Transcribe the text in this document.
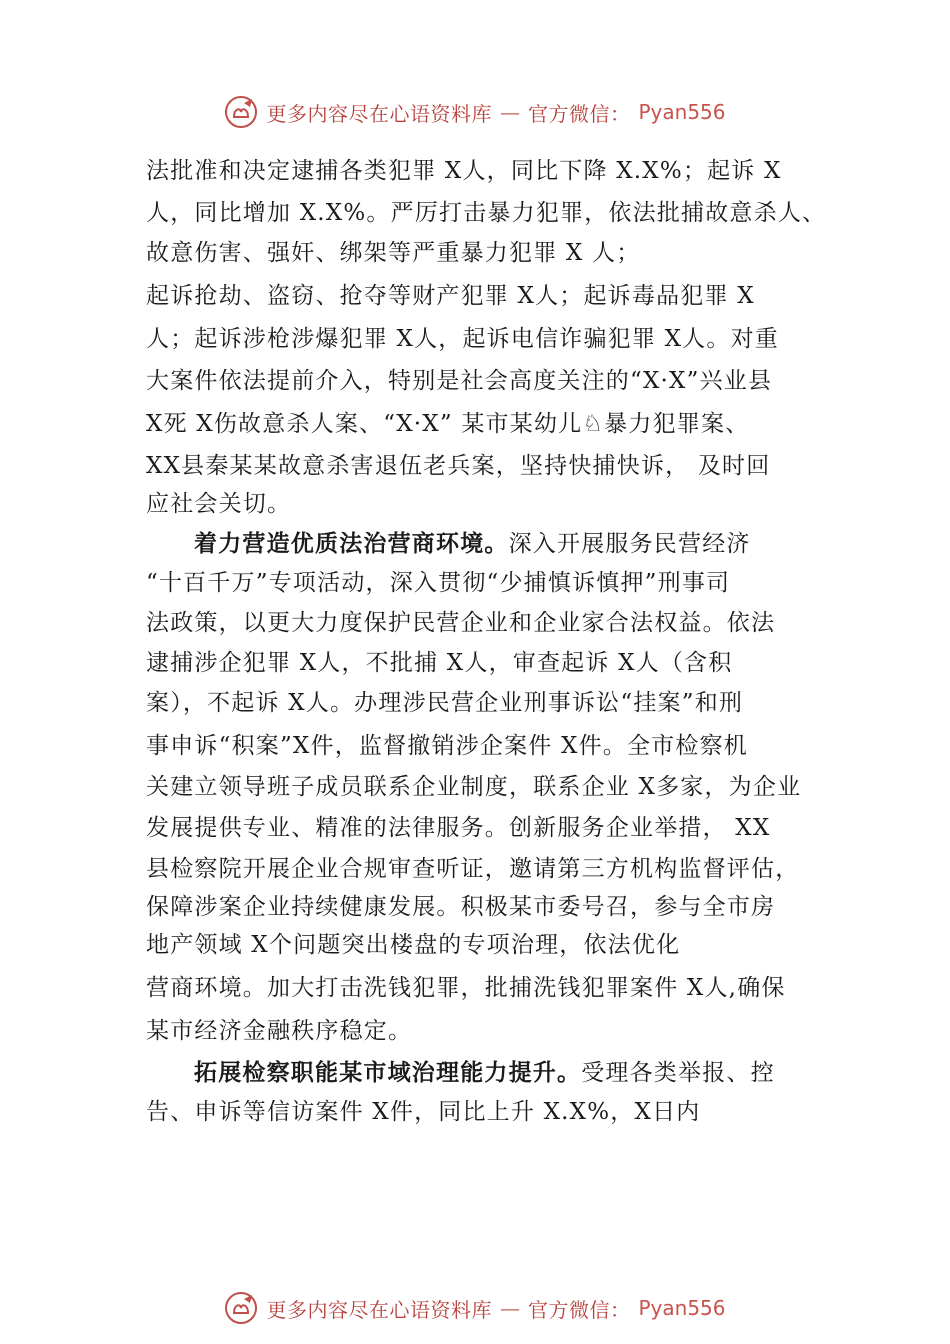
更多内容尽在心语资料库 — 官方微信： Pyan556
法批准和决定逮捕各类犯罪 X人，同比下降 X.X%；起诉 X
人，同比增加 X.X%。严厉打击暴力犯罪，依法批捕故意杀人、
故意伤害、强奸、绑架等严重暴力犯罪 X 人；
起诉抢劫、盗窃、抢夺等财产犯罪 X人；起诉毒品犯罪 X
人；起诉涉枪涉爆犯罪 X人，起诉电信诈骗犯罪 X人。对重
大案件依法提前介入，特别是社会高度关注的“X·X”兴业县
X死 X伤故意杀人案、“X·X” 某市某幼儿♘暴力犯罪案、
XX县秦某某故意杀害退伍老兵案，坚持快捕快诉， 及时回
应社会关切。
着力营造优质法治营商环境。深入开展服务民营经济
“十百千万”专项活动，深入贯彻“少捕慎诉慎押”刑事司
法政策，以更大力度保护民营企业和企业家合法权益。依法
逮捕涉企犯罪 X人，不批捕 X人，审查起诉 X人（含积
案），不起诉 X人。办理涉民营企业刑事诉讼“挂案”和刑
事申诉“积案”X件，监督撤销涉企案件 X件。全市检察机
关建立领导班子成员联系企业制度，联系企业 X多家，为企业
发展提供专业、精准的法律服务。创新服务企业举措， XX
县检察院开展企业合规审查听证，邀请第三方机构监督评估，
保障涉案企业持续健康发展。积极某市委号召，参与全市房
地产领域 X个问题突出楼盘的专项治理，依法优化
营商环境。加大打击洗钱犯罪，批捕洗钱犯罪案件 X人,确保
某市经济金融秩序稳定。
拓展检察职能某市域治理能力提升。受理各类举报、控
告、申诉等信访案件 X件，同比上升 X.X%，X日内
更多内容尽在心语资料库 — 官方微信： Pyan556
